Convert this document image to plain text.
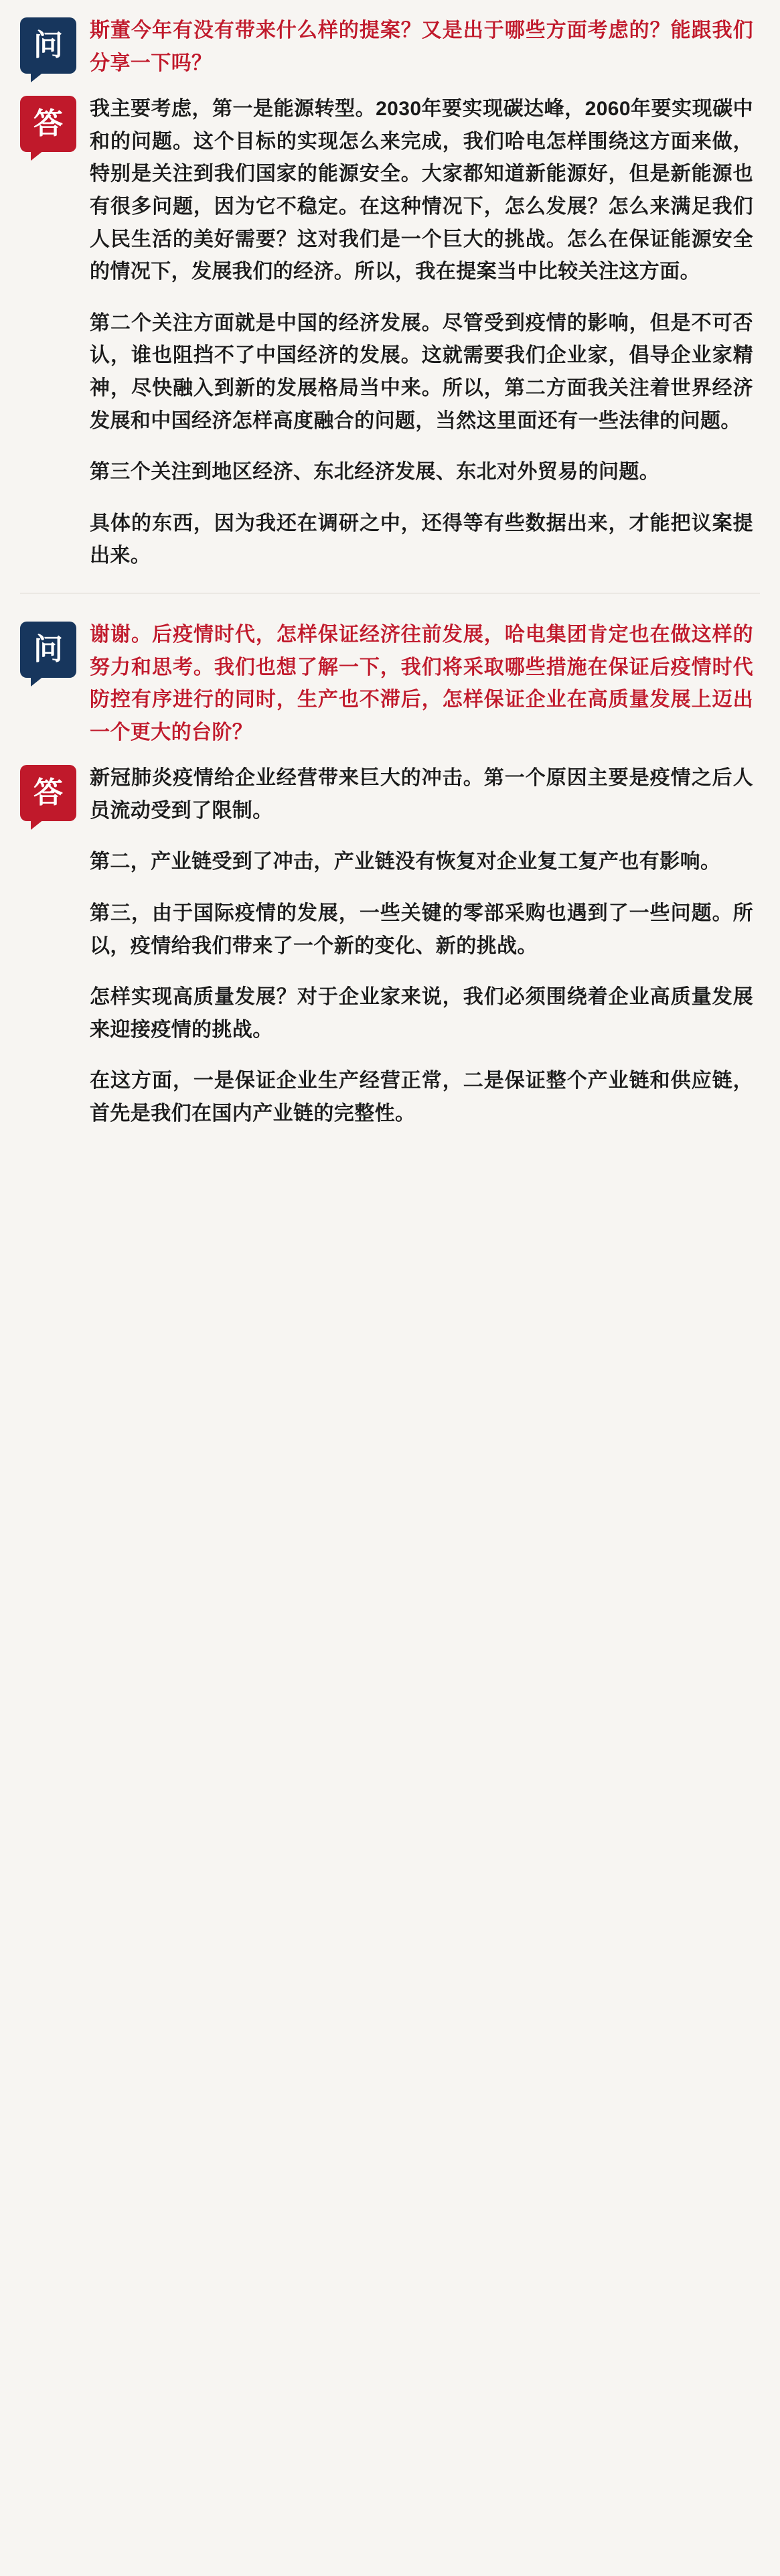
问	斯董今年有没有带来什么样的提案？又是出于哪些方面考虑的？能跟我们分享一下吗？

答	我主要考虑，第一是能源转型。2030年要实现碳达峰，2060年要实现碳中和的问题。这个目标的实现怎么来完成，我们哈电怎样围绕这方面来做，特别是关注到我们国家的能源安全。大家都知道新能源好，但是新能源也有很多问题，因为它不稳定。在这种情况下，怎么发展？怎么来满足我们人民生活的美好需要？这对我们是一个巨大的挑战。怎么在保证能源安全的情况下，发展我们的经济。所以，我在提案当中比较关注这方面。

第二个关注方面就是中国的经济发展。尽管受到疫情的影响，但是不可否认，谁也阻挡不了中国经济的发展。这就需要我们企业家，倡导企业家精神，尽快融入到新的发展格局当中来。所以，第二方面我关注着世界经济发展和中国经济怎样高度融合的问题，当然这里面还有一些法律的问题。

第三个关注到地区经济、东北经济发展、东北对外贸易的问题。

具体的东西，因为我还在调研之中，还得等有些数据出来，才能把议案提出来。

问	谢谢。后疫情时代，怎样保证经济往前发展，哈电集团肯定也在做这样的努力和思考。我们也想了解一下，我们将采取哪些措施在保证后疫情时代防控有序进行的同时，生产也不滞后，怎样保证企业在高质量发展上迈出一个更大的台阶？

答	新冠肺炎疫情给企业经营带来巨大的冲击。第一个原因主要是疫情之后人员流动受到了限制。

第二，产业链受到了冲击，产业链没有恢复对企业复工复产也有影响。

第三，由于国际疫情的发展，一些关键的零部采购也遇到了一些问题。所以，疫情给我们带来了一个新的变化、新的挑战。

怎样实现高质量发展？对于企业家来说，我们必须围绕着企业高质量发展来迎接疫情的挑战。

在这方面，一是保证企业生产经营正常，二是保证整个产业链和供应链，首先是我们在国内产业链的完整性。
